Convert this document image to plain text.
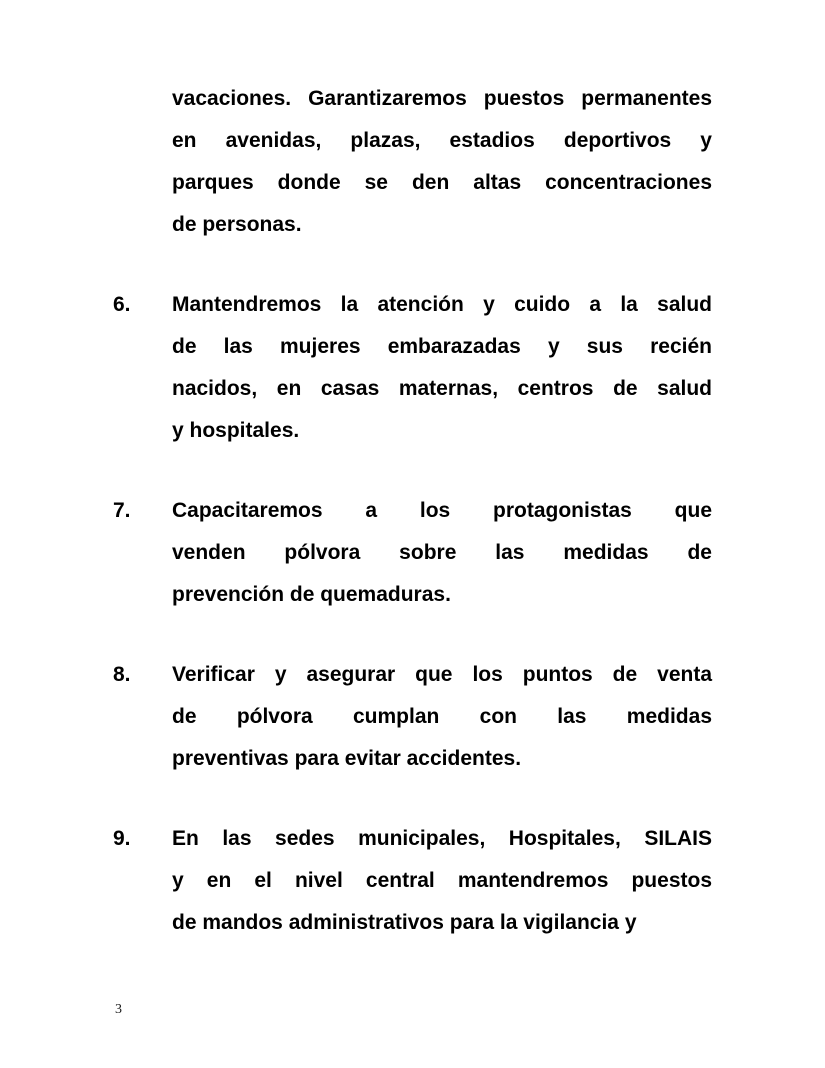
vacaciones. Garantizaremos puestos permanentes
en avenidas, plazas, estadios deportivos y
parques donde se den altas concentraciones
de personas.
6.	Mantendremos la atención y cuido a la salud
de las mujeres embarazadas y sus recién
nacidos, en casas maternas, centros de salud
y hospitales.
7.	Capacitaremos a los protagonistas que
venden pólvora sobre las medidas de
prevención de quemaduras.
8.	Verificar y asegurar que los puntos de venta
de pólvora cumplan con las medidas
preventivas para evitar accidentes.
9.	En las sedes municipales, Hospitales, SILAIS
y en el nivel central mantendremos puestos
de mandos administrativos para la vigilancia y
3
